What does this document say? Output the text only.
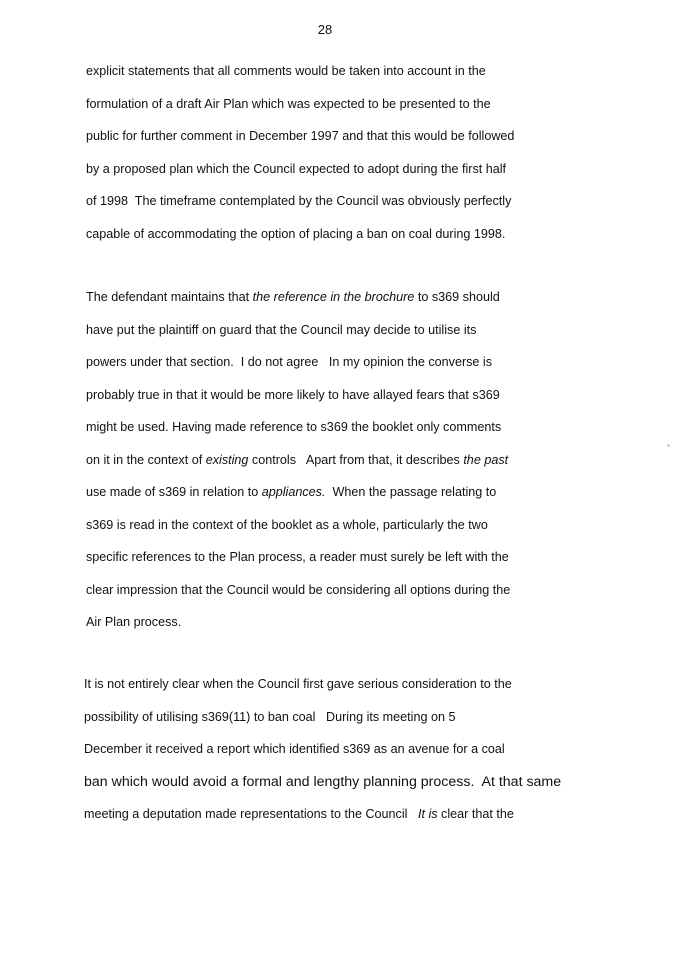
28
explicit statements that all comments would be taken into account in the
formulation of a draft Air Plan which was expected to be presented to the
public for further comment in December 1997 and that this would be followed
by a proposed plan which the Council expected to adopt during the first half
of 1998  The timeframe contemplated by the Council was obviously perfectly
capable of accommodating the option of placing a ban on coal during 1998.
The defendant maintains that the reference in the brochure to s369 should
have put the plaintiff on guard that the Council may decide to utilise its
powers under that section.  I do not agree   In my opinion the converse is
probably true in that it would be more likely to have allayed fears that s369
might be used. Having made reference to s369 the booklet only comments
on it in the context of existing controls   Apart from that, it describes the past
use made of s369 in relation to appliances.  When the passage relating to
s369 is read in the context of the booklet as a whole, particularly the two
specific references to the Plan process, a reader must surely be left with the
clear impression that the Council would be considering all options during the
Air Plan process.
It is not entirely clear when the Council first gave serious consideration to the
possibility of utilising s369(11) to ban coal   During its meeting on 5
December it received a report which identified s369 as an avenue for a coal
ban which would avoid a formal and lengthy planning process.  At that same
meeting a deputation made representations to the Council   It is clear that the
